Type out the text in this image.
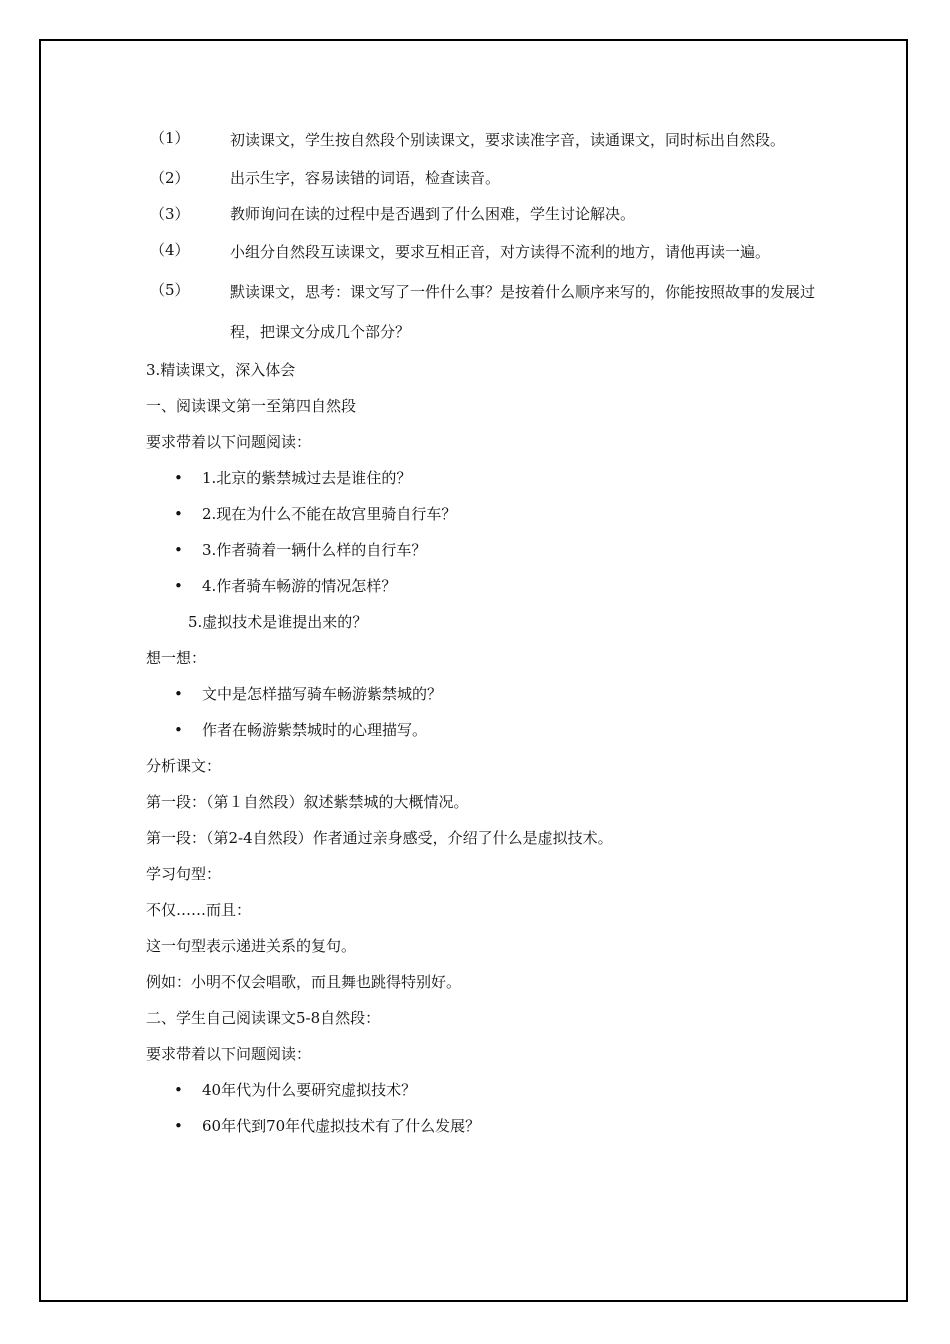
（1）	初读课文，学生按自然段个别读课文，要求读准字音，读通课文，同时标出自然段。
（2）	出示生字，容易读错的词语，检查读音。
（3）	教师询问在读的过程中是否遇到了什么困难，学生讨论解决。
（4）	小组分自然段互读课文，要求互相正音，对方读得不流利的地方，请他再读一遍。
（5）	默读课文，思考：课文写了一件什么事？是按着什么顺序来写的，你能按照故事的发展过程，把课文分成几个部分？
3.精读课文，深入体会
一、阅读课文第一至第四自然段
要求带着以下问题阅读：
•	1.北京的紫禁城过去是谁住的？
•	2.现在为什么不能在故宫里骑自行车？
•	3.作者骑着一辆什么样的自行车？
•	4.作者骑车畅游的情况怎样？
5.虚拟技术是谁提出来的？
想一想：
•	文中是怎样描写骑车畅游紫禁城的？
•	作者在畅游紫禁城时的心理描写。
分析课文：
第一段：（第１自然段）叙述紫禁城的大概情况。
第一段：（第2-4自然段）作者通过亲身感受，介绍了什么是虚拟技术。
学习句型：
不仅……而且：
这一句型表示递进关系的复句。
例如：小明不仅会唱歌，而且舞也跳得特别好。
二、学生自己阅读课文5-8自然段：
要求带着以下问题阅读：
•	40年代为什么要研究虚拟技术？
•	60年代到70年代虚拟技术有了什么发展？
